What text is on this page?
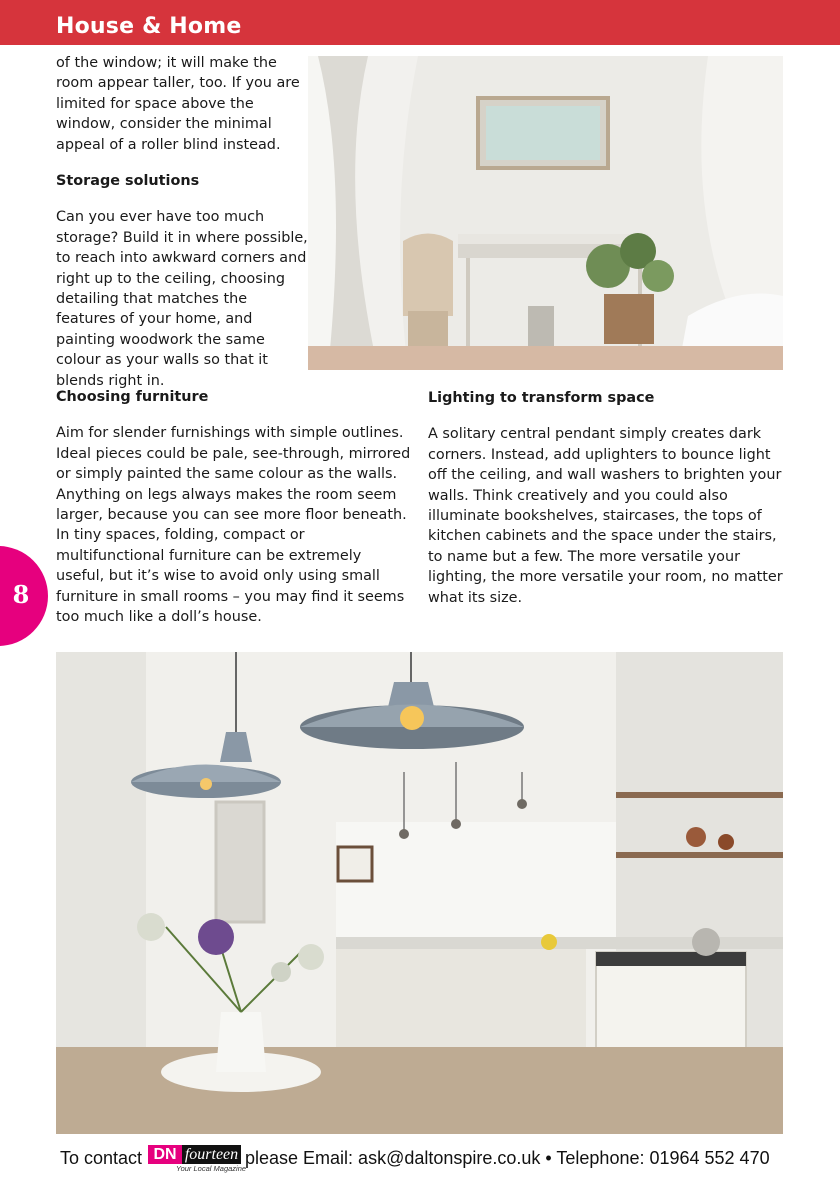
House & Home

of the window; it will make the room appear taller, too. If you are limited for space above the window, consider the minimal appeal of a roller blind instead.

Storage solutions

Can you ever have too much storage? Build it in where possible, to reach into awkward corners and right up to the ceiling, choosing detailing that matches the features of your home, and painting woodwork the same colour as your walls so that it blends right in.

Choosing furniture

Aim for slender furnishings with simple outlines. Ideal pieces could be pale, see-through, mirrored or simply painted the same colour as the walls. Anything on legs always makes the room seem larger, because you can see more floor beneath. In tiny spaces, folding, compact or multifunctional furniture can be extremely useful, but it’s wise to avoid only using small furniture in small rooms – you may find it seems too much like a doll’s house.

Lighting to transform space

A solitary central pendant simply creates dark corners. Instead, add uplighters to bounce light off the ceiling, and wall washers to brighten your walls. Think creatively and you could also illuminate bookshelves, staircases, the tops of kitchen cabinets and the space under the stairs, to name but a few. The more versatile your lighting, the more versatile your room, no matter what its size.

8
To contact DN fourteen
Your Local Magazine
please Email: ask@daltonspire.co.uk • Telephone: 01964 552 470
